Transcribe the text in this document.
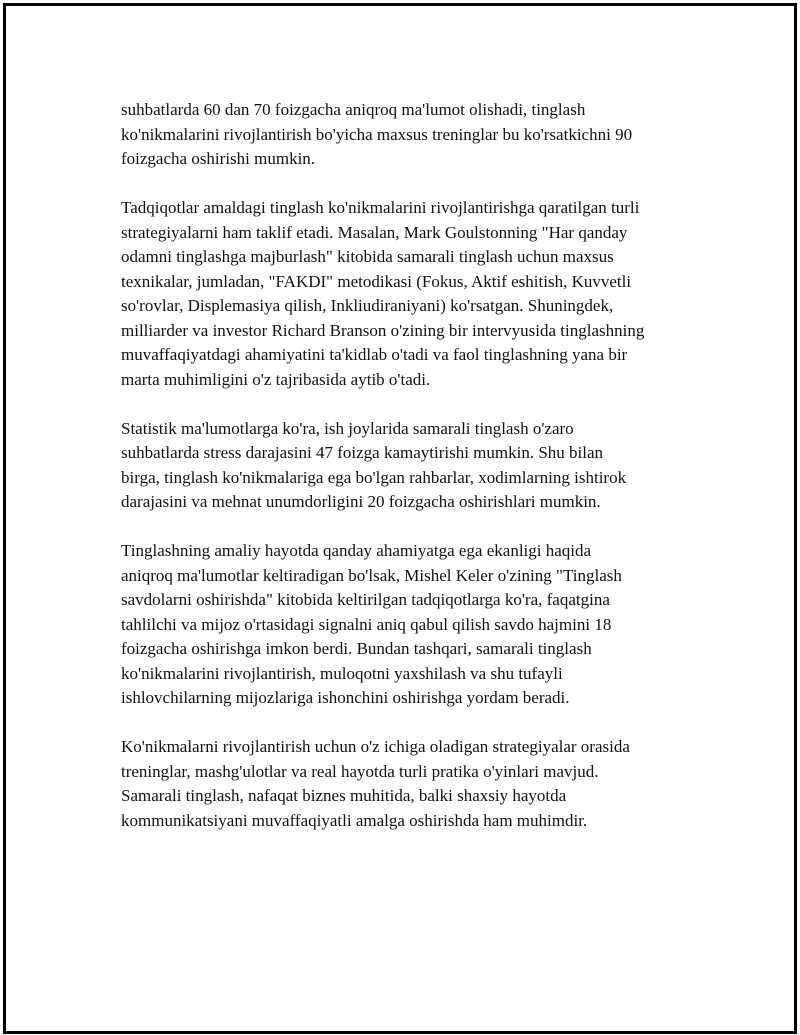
suhbatlarda 60 dan 70 foizgacha aniqroq ma'lumot olishadi, tinglash
ko'nikmalarini rivojlantirish bo'yicha maxsus treninglar bu ko'rsatkichni 90
foizgacha oshirishi mumkin.

Tadqiqotlar amaldagi tinglash ko'nikmalarini rivojlantirishga qaratilgan turli
strategiyalarni ham taklif etadi. Masalan, Mark Goulstonning "Har qanday
odamni tinglashga majburlash" kitobida samarali tinglash uchun maxsus
texnikalar, jumladan, "FAKDI" metodikasi (Fokus, Aktif eshitish, Kuvvetli
so'rovlar, Displemasiya qilish, Inkliudiraniyani) ko'rsatgan. Shuningdek,
milliarder va investor Richard Branson o'zining bir intervyusida tinglashning
muvaffaqiyatdagi ahamiyatini ta'kidlab o'tadi va faol tinglashning yana bir
marta muhimligini o'z tajribasida aytib o'tadi.

Statistik ma'lumotlarga ko'ra, ish joylarida samarali tinglash o'zaro
suhbatlarda stress darajasini 47 foizga kamaytirishi mumkin. Shu bilan
birga, tinglash ko'nikmalariga ega bo'lgan rahbarlar, xodimlarning ishtirok
darajasini va mehnat unumdorligini 20 foizgacha oshirishlari mumkin.

Tinglashning amaliy hayotda qanday ahamiyatga ega ekanligi haqida
aniqroq ma'lumotlar keltiradigan bo'lsak, Mishel Keler o'zining "Tinglash
savdolarni oshirishda" kitobida keltirilgan tadqiqotlarga ko'ra, faqatgina
tahlilchi va mijoz o'rtasidagi signalni aniq qabul qilish savdo hajmini 18
foizgacha oshirishga imkon berdi. Bundan tashqari, samarali tinglash
ko'nikmalarini rivojlantirish, muloqotni yaxshilash va shu tufayli
ishlovchilarning mijozlariga ishonchini oshirishga yordam beradi.

Ko'nikmalarni rivojlantirish uchun o'z ichiga oladigan strategiyalar orasida
treninglar, mashg'ulotlar va real hayotda turli pratika o'yinlari mavjud.
Samarali tinglash, nafaqat biznes muhitida, balki shaxsiy hayotda
kommunikatsiyani muvaffaqiyatli amalga oshirishda ham muhimdir.
